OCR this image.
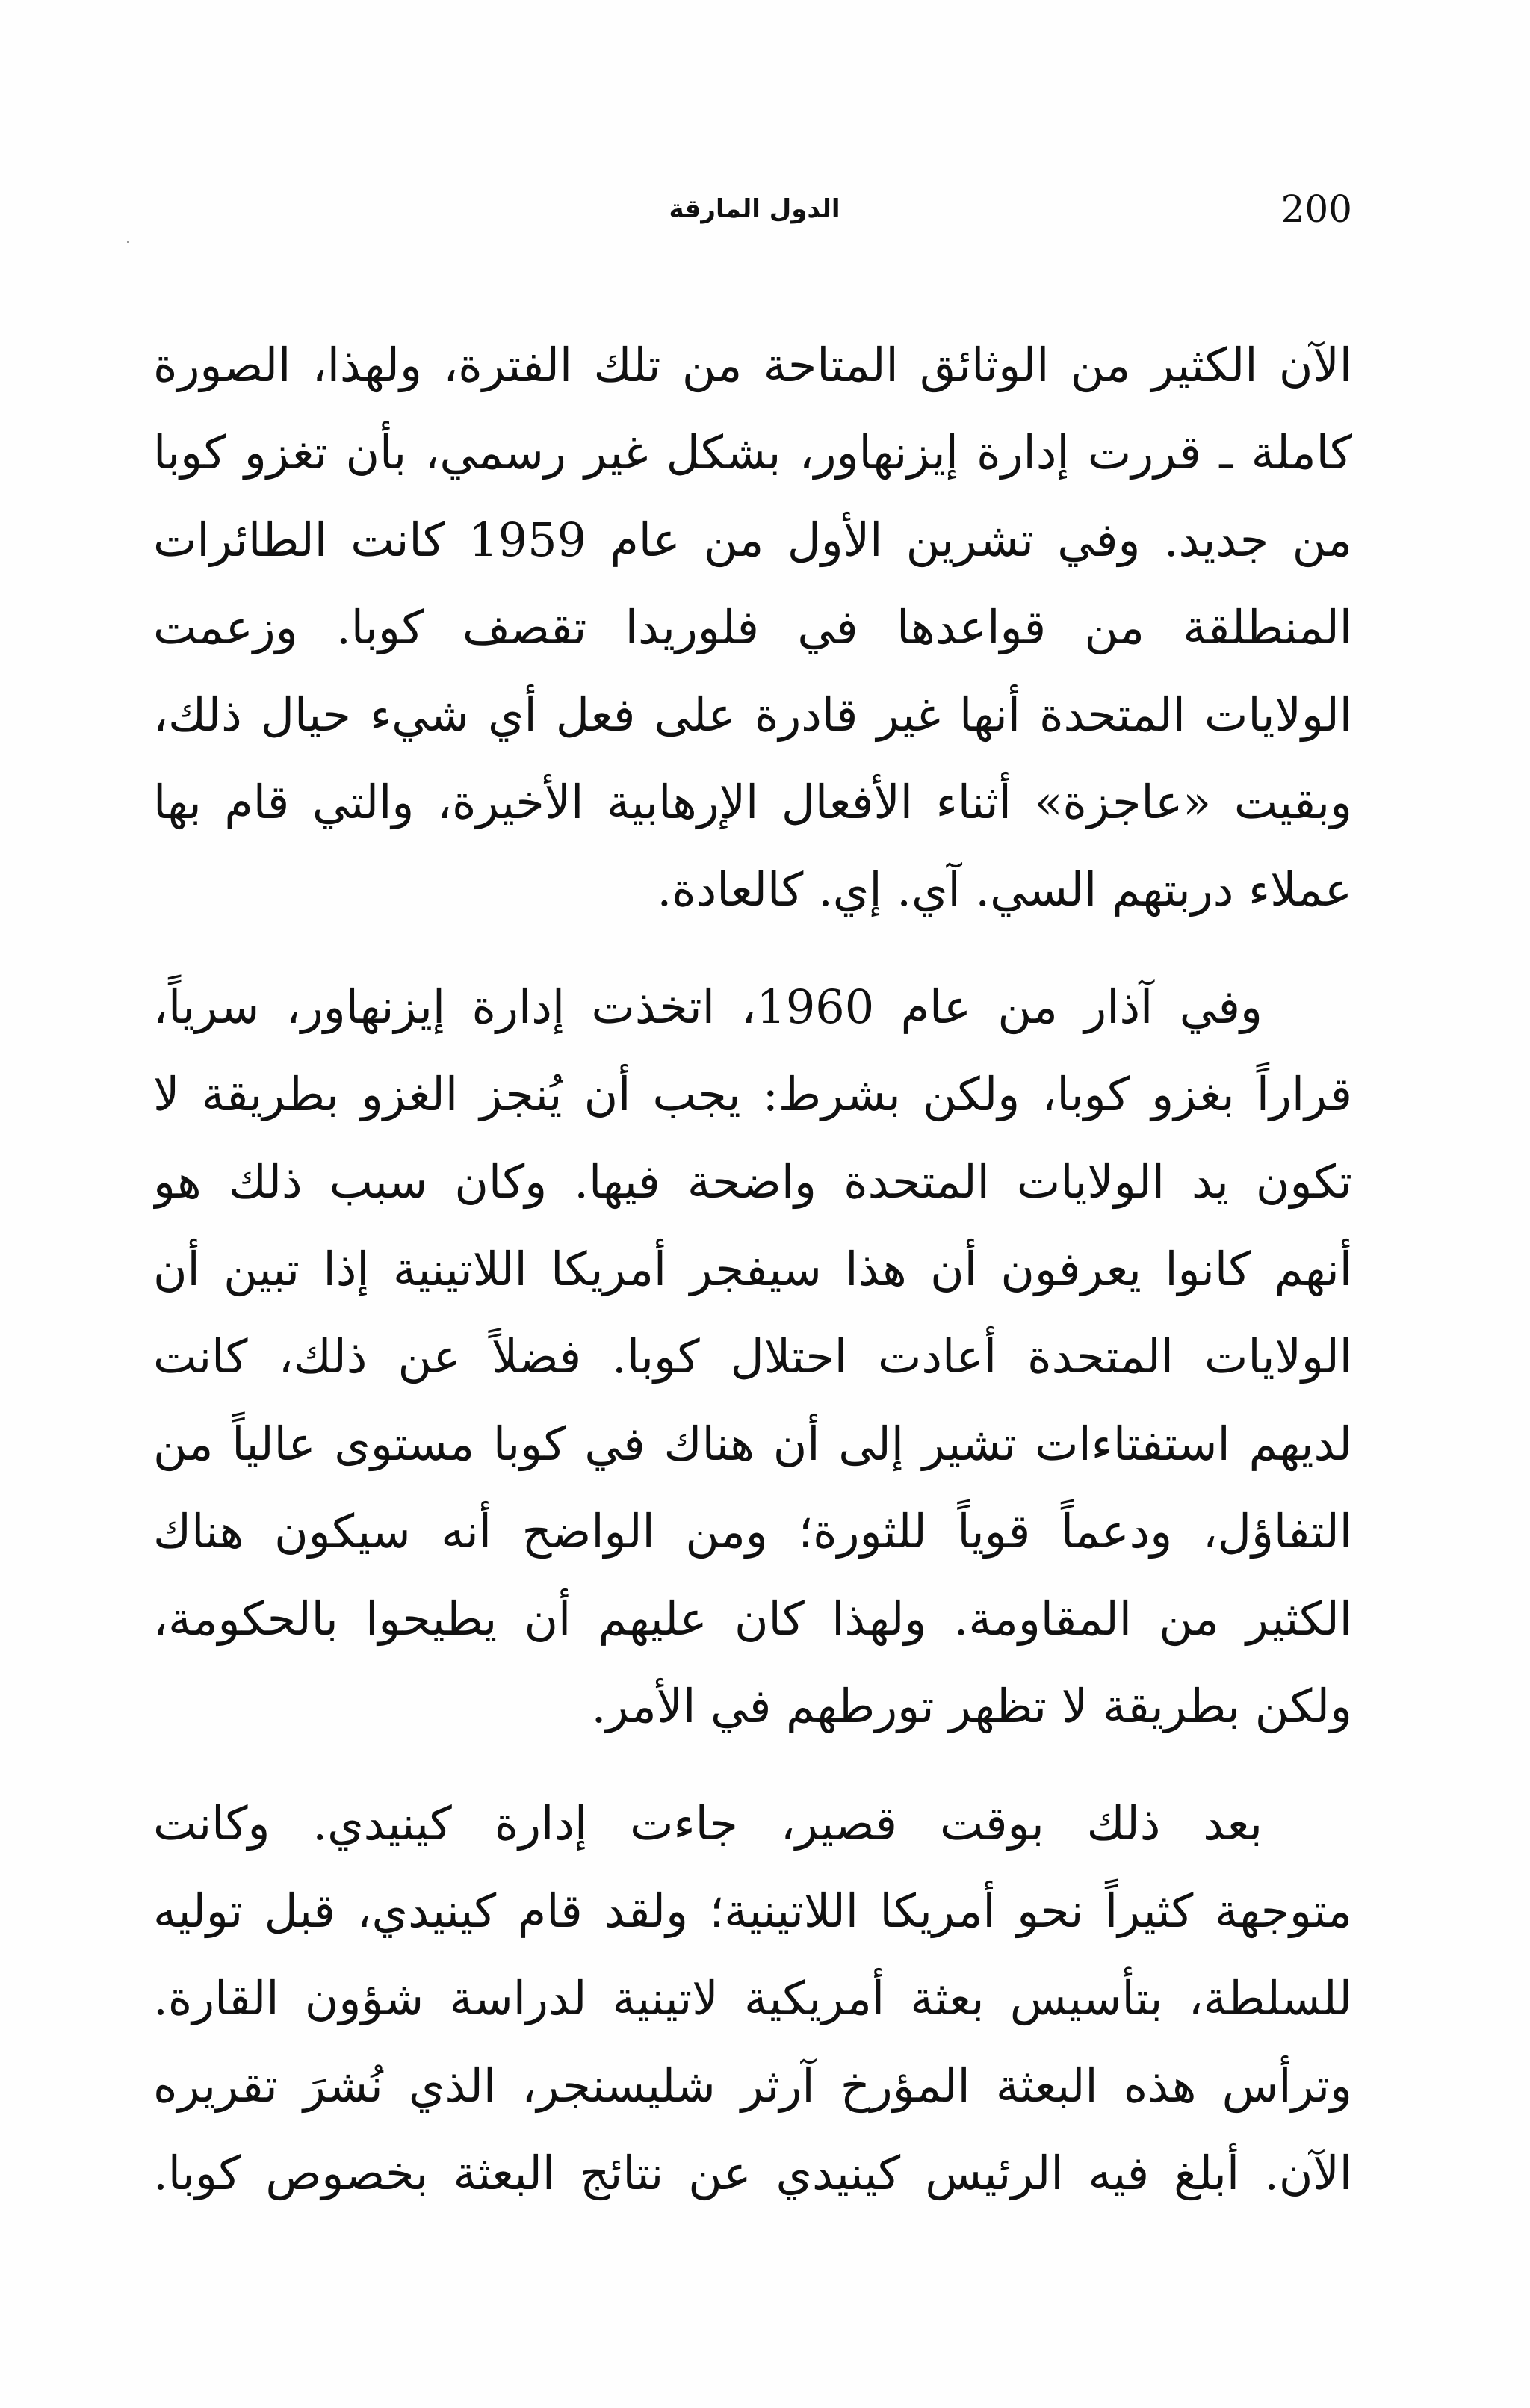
200
الدول المارقة
الآن الكثير من الوثائق المتاحة من تلك الفترة، ولهذا، الصورة
كاملة ـ قررت إدارة إيزنهاور، بشكل غير رسمي، بأن تغزو كوبا
من جديد. وفي تشرين الأول من عام 1959 كانت الطائرات
المنطلقة من قواعدها في فلوريدا تقصف كوبا. وزعمت
الولايات المتحدة أنها غير قادرة على فعل أي شيء حيال ذلك،
وبقيت «عاجزة» أثناء الأفعال الإرهابية الأخيرة، والتي قام بها
عملاء دربتهم السي. آي. إي. كالعادة.
وفي آذار من عام 1960، اتخذت إدارة إيزنهاور، سرياً،
قراراً بغزو كوبا، ولكن بشرط: يجب أن يُنجز الغزو بطريقة لا
تكون يد الولايات المتحدة واضحة فيها. وكان سبب ذلك هو
أنهم كانوا يعرفون أن هذا سيفجر أمريكا اللاتينية إذا تبين أن
الولايات المتحدة أعادت احتلال كوبا. فضلاً عن ذلك، كانت
لديهم استفتاءات تشير إلى أن هناك في كوبا مستوى عالياً من
التفاؤل، ودعماً قوياً للثورة؛ ومن الواضح أنه سيكون هناك
الكثير من المقاومة. ولهذا كان عليهم أن يطيحوا بالحكومة،
ولكن بطريقة لا تظهر تورطهم في الأمر.
بعد ذلك بوقت قصير، جاءت إدارة كينيدي. وكانت
متوجهة كثيراً نحو أمريكا اللاتينية؛ ولقد قام كينيدي، قبل توليه
للسلطة، بتأسيس بعثة أمريكية لاتينية لدراسة شؤون القارة.
وترأس هذه البعثة المؤرخ آرثر شليسنجر، الذي نُشرَ تقريره
الآن. أبلغ فيه الرئيس كينيدي عن نتائج البعثة بخصوص كوبا.
